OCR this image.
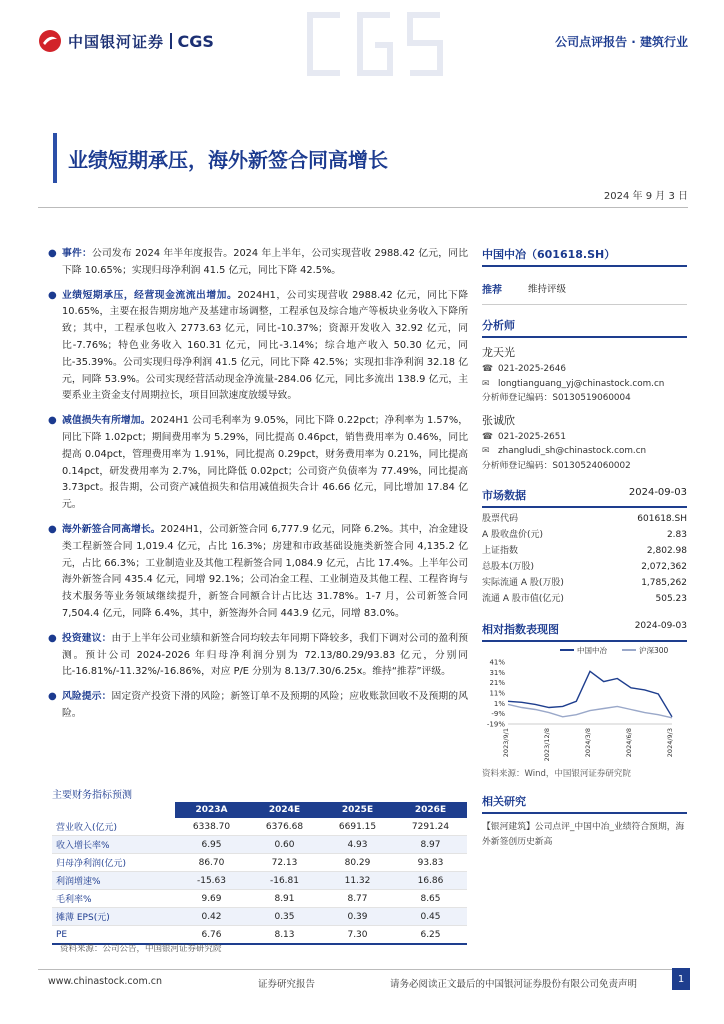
中国银河证券 CGS	公司点评报告 · 建筑行业
业绩短期承压，海外新签合同高增长
2024 年 9 月 3 日
● 事件：公司发布 2024 年半年度报告。2024 年上半年，公司实现营收 2988.42 亿元，同比下降 10.65%；实现归母净利润 41.5 亿元，同比下降 42.5%。
● 业绩短期承压，经营现金流流出增加。2024H1，公司实现营收 2988.42 亿元，同比下降 10.65%，主要在报告期房地产及基建市场调整，工程承包及综合地产等板块业务收入下降所致；其中，工程承包收入 2773.63 亿元，同比-10.37%；资源开发收入 32.92 亿元，同比-7.76%；特色业务收入 160.31 亿元，同比-3.14%；综合地产收入 50.30 亿元，同比-35.39%。公司实现归母净利润 41.5 亿元，同比下降 42.5%；实现扣非净利润 32.18 亿元，同降 53.9%。公司实现经营活动现金净流量-284.06 亿元，同比多流出 138.9 亿元，主要系业主资金支付周期拉长，项目回款速度放缓导致。
● 减值损失有所增加。2024H1 公司毛利率为 9.05%，同比下降 0.22pct；净利率为 1.57%，同比下降 1.02pct；期间费用率为 5.29%，同比提高 0.46pct，销售费用率为 0.46%，同比提高 0.04pct，管理费用率为 1.91%，同比提高 0.29pct，财务费用率为 0.21%，同比提高 0.14pct，研发费用率为 2.7%，同比降低 0.02pct；公司资产负债率为 77.49%，同比提高 3.73pct。报告期，公司资产减值损失和信用减值损失合计 46.66 亿元，同比增加 17.84 亿元。
● 海外新签合同高增长。2024H1，公司新签合同 6,777.9 亿元，同降 6.2%。其中，冶金建设类工程新签合同 1,019.4 亿元，占比 16.3%；房建和市政基础设施类新签合同 4,135.2 亿元，占比 66.3%；工业制造业及其他工程新签合同 1,084.9 亿元，占比 17.4%。上半年公司海外新签合同 435.4 亿元，同增 92.1%；公司冶金工程、工业制造及其他工程、工程咨询与技术服务等业务领域继续提升，新签合同额合计占比达 31.78%。1-7 月，公司新签合同 7,504.4 亿元，同降 6.4%，其中，新签海外合同 443.9 亿元，同增 83.0%。
● 投资建议：由于上半年公司业绩和新签合同均较去年同期下降较多，我们下调对公司的盈利预测。预计公司 2024-2026 年归母净利润分别为 72.13/80.29/93.83 亿元，分别同比-16.81%/-11.32%/-16.86%，对应 P/E 分别为 8.13/7.30/6.25x。维持“推荐”评级。
● 风险提示：固定资产投资下滑的风险；新签订单不及预期的风险；应收账款回收不及预期的风险。
主要财务指标预测
	2023A	2024E	2025E	2026E
营业收入(亿元)	6338.70	6376.68	6691.15	7291.24
收入增长率%	6.95	0.60	4.93	8.97
归母净利润(亿元)	86.70	72.13	80.29	93.83
利润增速%	-15.63	-16.81	11.32	16.86
毛利率%	9.69	8.91	8.77	8.65
摊薄 EPS(元)	0.42	0.35	0.39	0.45
PE	6.76	8.13	7.30	6.25
资料来源：公司公告，中国银河证券研究院
中国中冶（601618.SH）
推荐	维持评级
分析师
龙天光
☎ 021-2025-2646
✉ longtianguang_yj@chinastock.com.cn
分析师登记编码：S0130519060004
张诚欣
☎ 021-2025-2651
✉ zhangludi_sh@chinastock.com.cn
分析师登记编码：S0130524060002
市场数据	2024-09-03
股票代码	601618.SH
A 股收盘价(元)	2.83
上证指数	2,802.98
总股本(万股)	2,072,362
实际流通 A 股(万股)	1,785,262
流通 A 股市值(亿元)	505.23
相对指数表现图	2024-09-03
中国中冶	沪深300
41%
31%
21%
11%
1%
-9%
-19%
2023/9/1	2023/12/8	2024/3/8	2024/6/8	2024/9/3
资料来源：Wind，中国银河证券研究院
相关研究
【银河建筑】公司点评_中国中冶_业绩符合预期，海外新签创历史新高
www.chinastock.com.cn	证券研究报告	请务必阅读正文最后的中国银河证券股份有限公司免责声明	1
